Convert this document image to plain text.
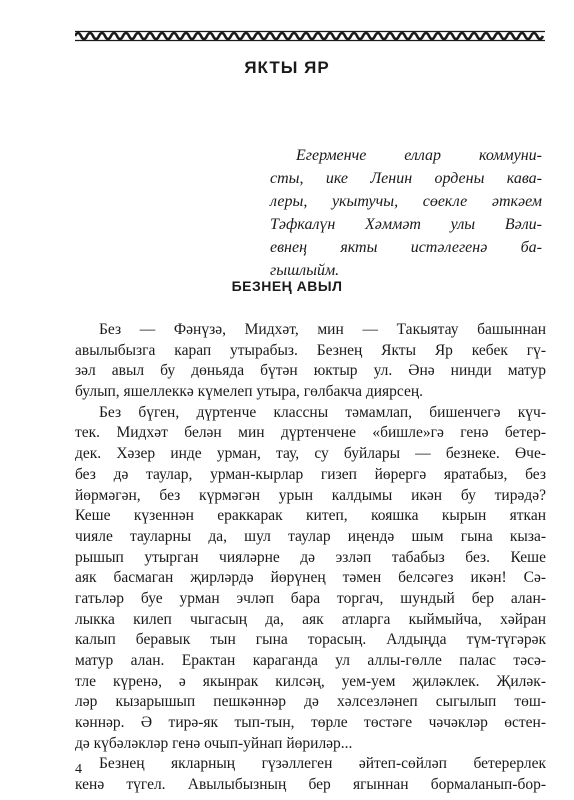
ЯКТЫ ЯР
Егерменче еллар коммуни-
сты, ике Ленин ордены кава-
леры, укытучы, сөекле әткәем
Тәфкалүн Хәммәт улы Вәли-
евнең якты истәлегенә ба-
гышлыйм.
БЕЗНЕҢ АВЫЛ
Без — Фәнүзә, Мидхәт, мин — Такыятау башыннан
авылыбызга карап утырабыз. Безнең Якты Яр кебек гү-
зәл авыл бу дөньяда бүтән юктыр ул. Әнә нинди матур
булып, яшеллеккә күмелеп утыра, гөлбакча диярсең.
Без бүген, дүртенче классны тәмамлап, бишенчегә күч-
тек. Мидхәт белән мин дүртенчене «бишле»гә генә бетер-
дек. Хәзер инде урман, тау, су буйлары — безнеке. Өче-
без дә таулар, урман-кырлар гизеп йөрергә яратабыз, без
йөрмәгән, без күрмәгән урын калдымы икән бу тирәдә?
Кеше күзеннән ераккарак китеп, кояшка кырын яткан
чияле тауларны да, шул таулар иңендә шым гына кыза-
рышып утырган чияләрне дә эзләп табабыз без. Кеше
аяк басмаган җирләрдә йөрүнең тәмен белсәгез икән! Сә-
гатьләр буе урман эчләп бара торгач, шундый бер алан-
лыкка килеп чыгасың да, аяк атларга кыймыйча, хәйран
калып беравык тын гына торасың. Алдыңда түм-түгәрәк
матур алан. Ерактан караганда ул аллы-гөлле палас тәсә-
тле күренә, ә якынрак килсәң, уем-уем җиләклек. Җиләк-
ләр кызарышып пешкәннәр дә хәлсезләнеп сыгылып төш-
кәннәр. Ә тирә-як тып-тын, төрле төстәге чәчәкләр өстен-
дә күбәләкләр генә очып-уйнап йөриләр...
Безнең якларның гүзәллеген әйтеп-сөйләп бетерерлек
кенә түгел. Авылыбызның бер ягыннан бормаланып-бор-
4
